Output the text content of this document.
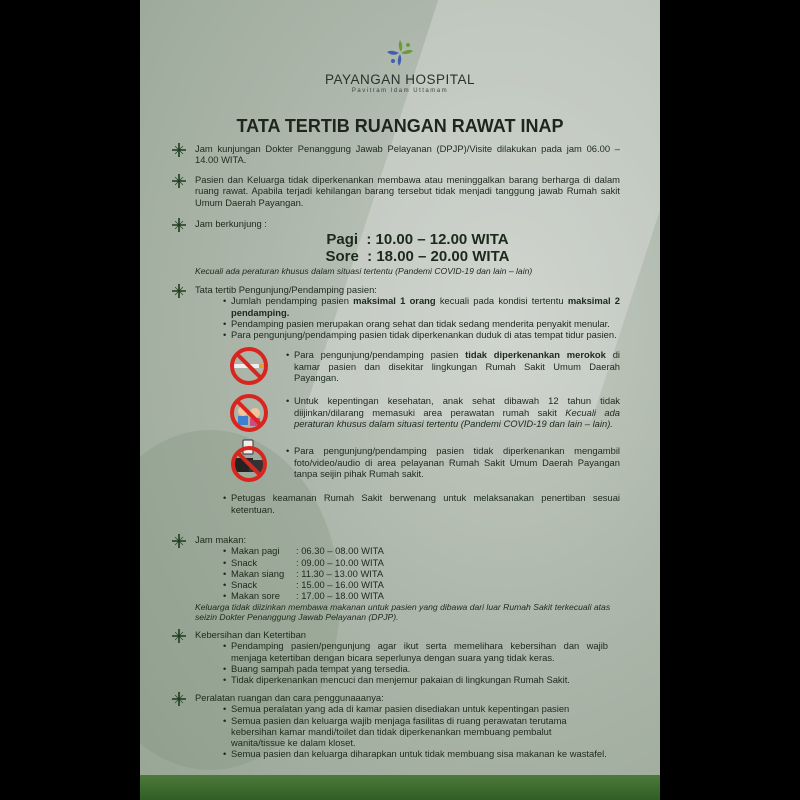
PAYANGAN HOSPITAL
Pavitram Idam Uttamam
TATA TERTIB RUANGAN RAWAT INAP
Jam kunjungan Dokter Penanggung Jawab Pelayanan (DPJP)/Visite dilakukan pada jam 06.00 – 14.00 WITA.
Pasien dan Keluarga tidak diperkenankan membawa atau meninggalkan barang berharga di dalam ruang rawat. Apabila terjadi kehilangan barang tersebut tidak menjadi tanggung jawab Rumah sakit Umum Daerah Payangan.
Jam berkunjung :
Pagi  : 10.00 – 12.00 WITA
Sore  : 18.00 – 20.00 WITA
Kecuali ada peraturan khusus dalam situasi tertentu (Pandemi COVID-19 dan lain – lain)
Tata tertib Pengunjung/Pendamping pasien:
• Jumlah pendamping pasien maksimal 1 orang kecuali pada kondisi tertentu maksimal 2 pendamping.
• Pendamping pasien merupakan orang sehat dan tidak sedang menderita penyakit menular.
• Para pengunjung/pendamping pasien tidak diperkenankan duduk di atas tempat tidur pasien.
• Para pengunjung/pendamping pasien tidak diperkenankan merokok di kamar pasien dan disekitar lingkungan Rumah Sakit Umum Daerah Payangan.
• Untuk kepentingan kesehatan, anak sehat dibawah 12 tahun tidak diijinkan/dilarang memasuki area perawatan rumah sakit Kecuali ada peraturan khusus dalam situasi tertentu (Pandemi COVID-19 dan lain – lain).
• Para pengunjung/pendamping pasien tidak diperkenankan mengambil foto/video/audio di area pelayanan Rumah Sakit Umum Daerah Payangan tanpa seijin pihak Rumah sakit.
• Petugas keamanan Rumah Sakit berwenang untuk melaksanakan penertiban sesuai ketentuan.
Jam makan:
• Makan pagi	: 06.30 – 08.00 WITA
• Snack	: 09.00 – 10.00 WITA
• Makan siang	: 11.30 – 13.00 WITA
• Snack	: 15.00 – 16.00 WITA
• Makan sore	: 17.00 – 18.00 WITA
Keluarga tidak diizinkan membawa makanan untuk pasien yang dibawa dari luar Rumah Sakit terkecuali atas seizin Dokter Penanggung Jawab Pelayanan (DPJP).
Kebersihan dan Ketertiban
• Pendamping pasien/pengunjung agar ikut serta memelihara kebersihan dan wajib menjaga ketertiban dengan bicara seperlunya dengan suara yang tidak keras.
• Buang sampah pada tempat yang tersedia.
• Tidak diperkenankan mencuci dan menjemur pakaian di lingkungan Rumah Sakit.
Peralatan ruangan dan cara penggunaaanya:
• Semua peralatan yang ada di kamar pasien disediakan untuk kepentingan pasien
• Semua pasien dan keluarga wajib menjaga fasilitas di ruang perawatan terutama kebersihan kamar mandi/toilet dan tidak diperkenankan membuang pembalut wanita/tissue ke dalam kloset.
• Semua pasien dan keluarga diharapkan untuk tidak membuang sisa makanan ke wastafel.
